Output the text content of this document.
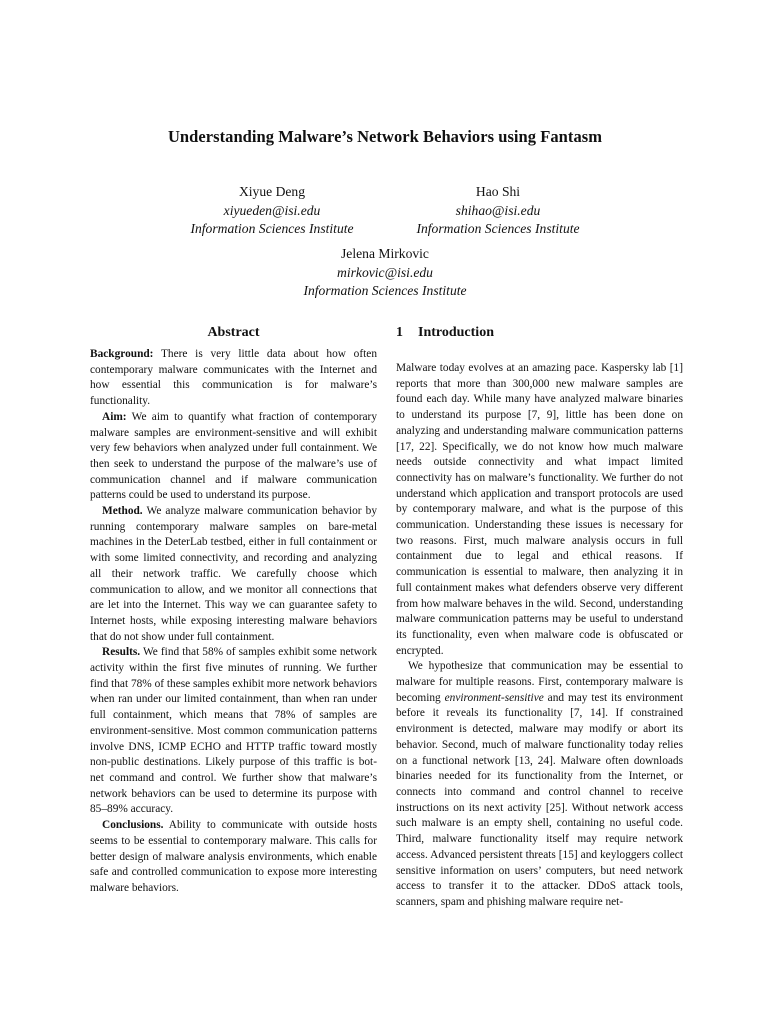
Understanding Malware’s Network Behaviors using Fantasm
Xiyue Deng
xiyueden@isi.edu
Information Sciences Institute
Hao Shi
shihao@isi.edu
Information Sciences Institute
Jelena Mirkovic
mirkovic@isi.edu
Information Sciences Institute
Abstract	1 Introduction

Background: There is very little data about how often contemporary malware communicates with the Internet and how essential this communication is for malware’s functionality.

Aim: We aim to quantify what fraction of contemporary malware samples are environment-sensitive and will exhibit very few behaviors when analyzed under full containment. We then seek to understand the purpose of the malware’s use of communication channel and if malware communication patterns could be used to understand its purpose.

Method. We analyze malware communication behavior by running contemporary malware samples on bare-metal machines in the DeterLab testbed, either in full containment or with some limited connectivity, and recording and analyzing all their network traffic. We carefully choose which communication to allow, and we monitor all connections that are let into the Internet. This way we can guarantee safety to Internet hosts, while exposing interesting malware behaviors that do not show under full containment.

Results. We find that 58% of samples exhibit some network activity within the first five minutes of running. We further find that 78% of these samples exhibit more network behaviors when ran under our limited containment, than when ran under full containment, which means that 78% of samples are environment-sensitive. Most common communication patterns involve DNS, ICMP ECHO and HTTP traffic toward mostly non-public destinations. Likely purpose of this traffic is bot-net command and control. We further show that malware’s network behaviors can be used to determine its purpose with 85–89% accuracy.

Conclusions. Ability to communicate with outside hosts seems to be essential to contemporary malware. This calls for better design of malware analysis environments, which enable safe and controlled communication to expose more interesting malware behaviors.

Malware today evolves at an amazing pace. Kaspersky lab [1] reports that more than 300,000 new malware samples are found each day. While many have analyzed malware binaries to understand its purpose [7, 9], little has been done on analyzing and understanding malware communication patterns [17, 22]. Specifically, we do not know how much malware needs outside connectivity and what impact limited connectivity has on malware’s functionality. We further do not understand which application and transport protocols are used by contemporary malware, and what is the purpose of this communication. Understanding these issues is necessary for two reasons. First, much malware analysis occurs in full containment due to legal and ethical reasons. If communication is essential to malware, then analyzing it in full containment makes what defenders observe very different from how malware behaves in the wild. Second, understanding malware communication patterns may be useful to understand its functionality, even when malware code is obfuscated or encrypted.

We hypothesize that communication may be essential to malware for multiple reasons. First, contemporary malware is becoming environment-sensitive and may test its environment before it reveals its functionality [7, 14]. If constrained environment is detected, malware may modify or abort its behavior. Second, much of malware functionality today relies on a functional network [13, 24]. Malware often downloads binaries needed for its functionality from the Internet, or connects into command and control channel to receive instructions on its next activity [25]. Without network access such malware is an empty shell, containing no useful code. Third, malware functionality itself may require network access. Advanced persistent threats [15] and keyloggers collect sensitive information on users’ computers, but need network access to transfer it to the attacker. DDoS attack tools, scanners, spam and phishing malware require net-
